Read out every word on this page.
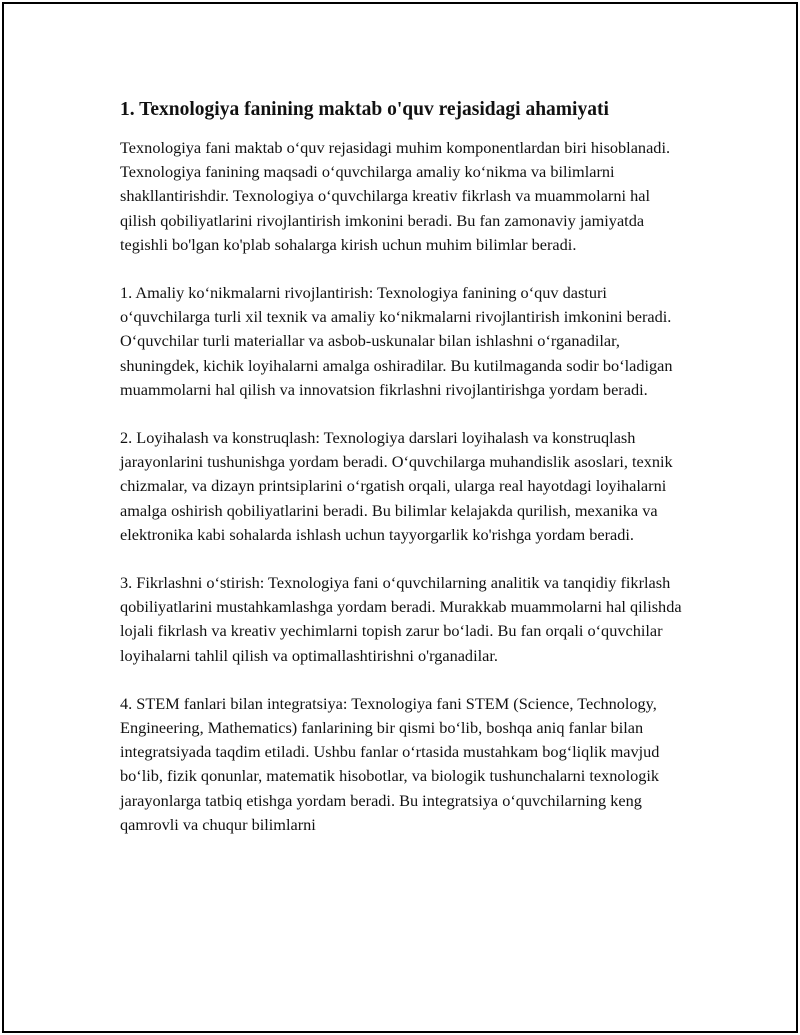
1. Texnologiya fanining maktab o'quv rejasidagi ahamiyati

Texnologiya fani maktab o‘quv rejasidagi muhim komponentlardan biri hisoblanadi. Texnologiya fanining maqsadi o‘quvchilarga amaliy ko‘nikma va bilimlarni shakllantirishdir. Texnologiya o‘quvchilarga kreativ fikrlash va muammolarni hal qilish qobiliyatlarini rivojlantirish imkonini beradi. Bu fan zamonaviy jamiyatda tegishli bo'lgan ko'plab sohalarga kirish uchun muhim bilimlar beradi.

1. Amaliy ko‘nikmalarni rivojlantirish: Texnologiya fanining o‘quv dasturi o‘quvchilarga turli xil texnik va amaliy ko‘nikmalarni rivojlantirish imkonini beradi. O‘quvchilar turli materiallar va asbob-uskunalar bilan ishlashni o‘rganadilar, shuningdek, kichik loyihalarni amalga oshiradilar. Bu kutilmaganda sodir bo‘ladigan muammolarni hal qilish va innovatsion fikrlashni rivojlantirishga yordam beradi.

2. Loyihalash va konstruqlash: Texnologiya darslari loyihalash va konstruqlash jarayonlarini tushunishga yordam beradi. O‘quvchilarga muhandislik asoslari, texnik chizmalar, va dizayn printsiplarini o‘rgatish orqali, ularga real hayotdagi loyihalarni amalga oshirish qobiliyatlarini beradi. Bu bilimlar kelajakda qurilish, mexanika va elektronika kabi sohalarda ishlash uchun tayyorgarlik ko'rishga yordam beradi.

3. Fikrlashni o‘stirish: Texnologiya fani o‘quvchilarning analitik va tanqidiy fikrlash qobiliyatlarini mustahkamlashga yordam beradi. Murakkab muammolarni hal qilishda lojali fikrlash va kreativ yechimlarni topish zarur bo‘ladi. Bu fan orqali o‘quvchilar loyihalarni tahlil qilish va optimallashtirishni o'rganadilar.

4. STEM fanlari bilan integratsiya: Texnologiya fani STEM (Science, Technology, Engineering, Mathematics) fanlarining bir qismi bo‘lib, boshqa aniq fanlar bilan integratsiyada taqdim etiladi. Ushbu fanlar o‘rtasida mustahkam bog‘liqlik mavjud bo‘lib, fizik qonunlar, matematik hisobotlar, va biologik tushunchalarni texnologik jarayonlarga tatbiq etishga yordam beradi. Bu integratsiya o‘quvchilarning keng qamrovli va chuqur bilimlarni
